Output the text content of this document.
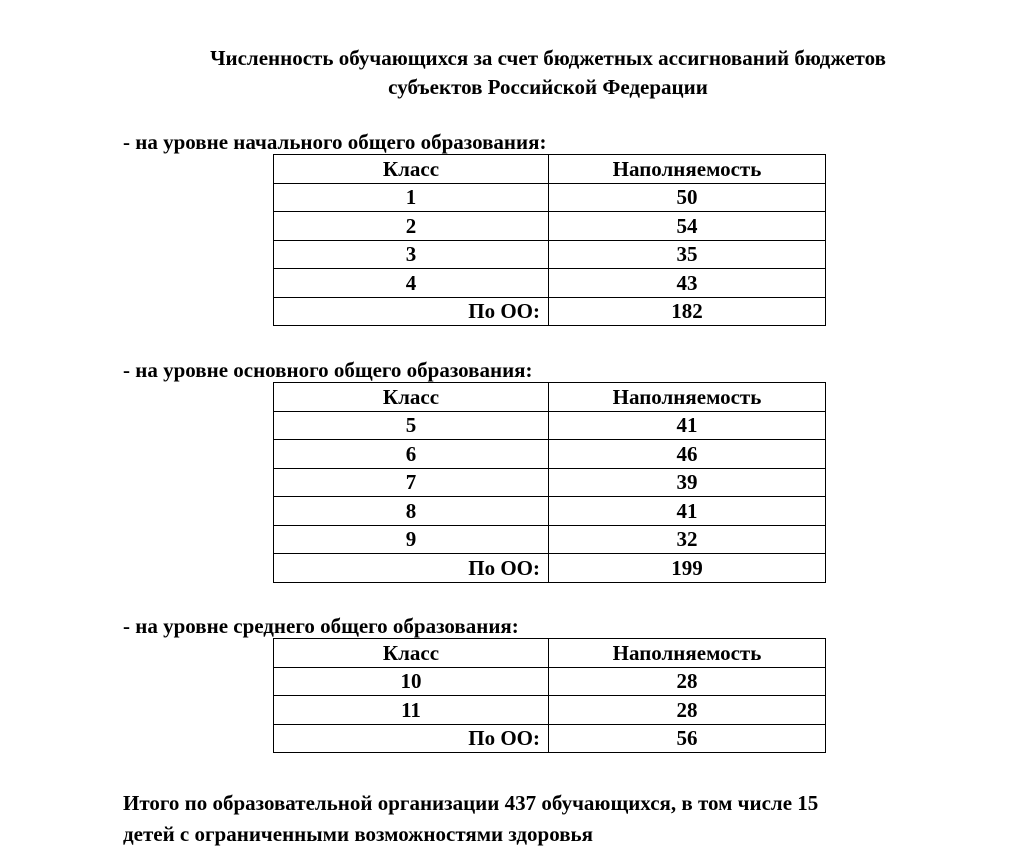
Численность обучающихся за счет бюджетных ассигнований бюджетов
субъектов Российской Федерации
- на уровне начального общего образования:
Класс	Наполняемость
1	50
2	54
3	35
4	43
По ОО:	182
- на уровне основного общего образования:
Класс	Наполняемость
5	41
6	46
7	39
8	41
9	32
По ОО:	199
- на уровне среднего общего образования:
Класс	Наполняемость
10	28
11	28
По ОО:	56
Итого по образовательной организации 437 обучающихся, в том числе 15
детей с ограниченными возможностями здоровья
